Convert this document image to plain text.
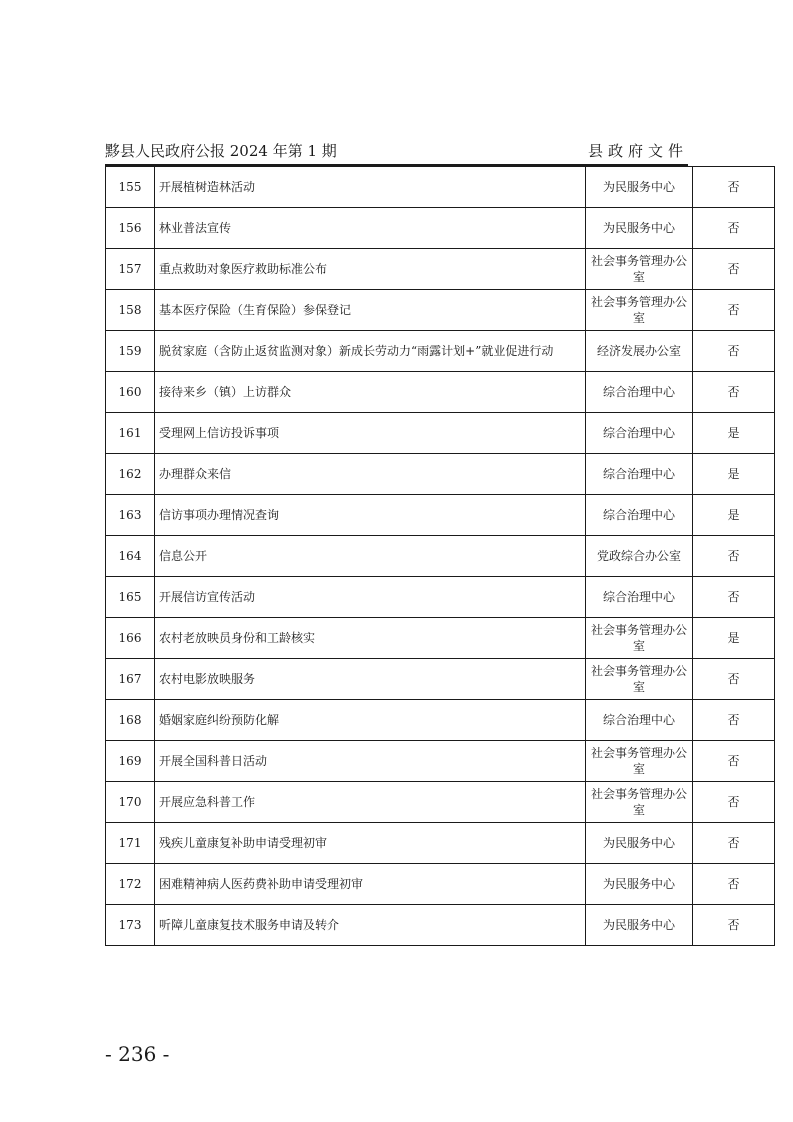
黟县人民政府公报 2024 年第 1 期	县政府文件
155	开展植树造林活动	为民服务中心	否
156	林业普法宣传	为民服务中心	否
157	重点救助对象医疗救助标准公布	社会事务管理办公室	否
158	基本医疗保险（生育保险）参保登记	社会事务管理办公室	否
159	脱贫家庭（含防止返贫监测对象）新成长劳动力“雨露计划+”就业促进行动	经济发展办公室	否
160	接待来乡（镇）上访群众	综合治理中心	否
161	受理网上信访投诉事项	综合治理中心	是
162	办理群众来信	综合治理中心	是
163	信访事项办理情况查询	综合治理中心	是
164	信息公开	党政综合办公室	否
165	开展信访宣传活动	综合治理中心	否
166	农村老放映员身份和工龄核实	社会事务管理办公室	是
167	农村电影放映服务	社会事务管理办公室	否
168	婚姻家庭纠纷预防化解	综合治理中心	否
169	开展全国科普日活动	社会事务管理办公室	否
170	开展应急科普工作	社会事务管理办公室	否
171	残疾儿童康复补助申请受理初审	为民服务中心	否
172	困难精神病人医药费补助申请受理初审	为民服务中心	否
173	听障儿童康复技术服务申请及转介	为民服务中心	否
- 236 -
